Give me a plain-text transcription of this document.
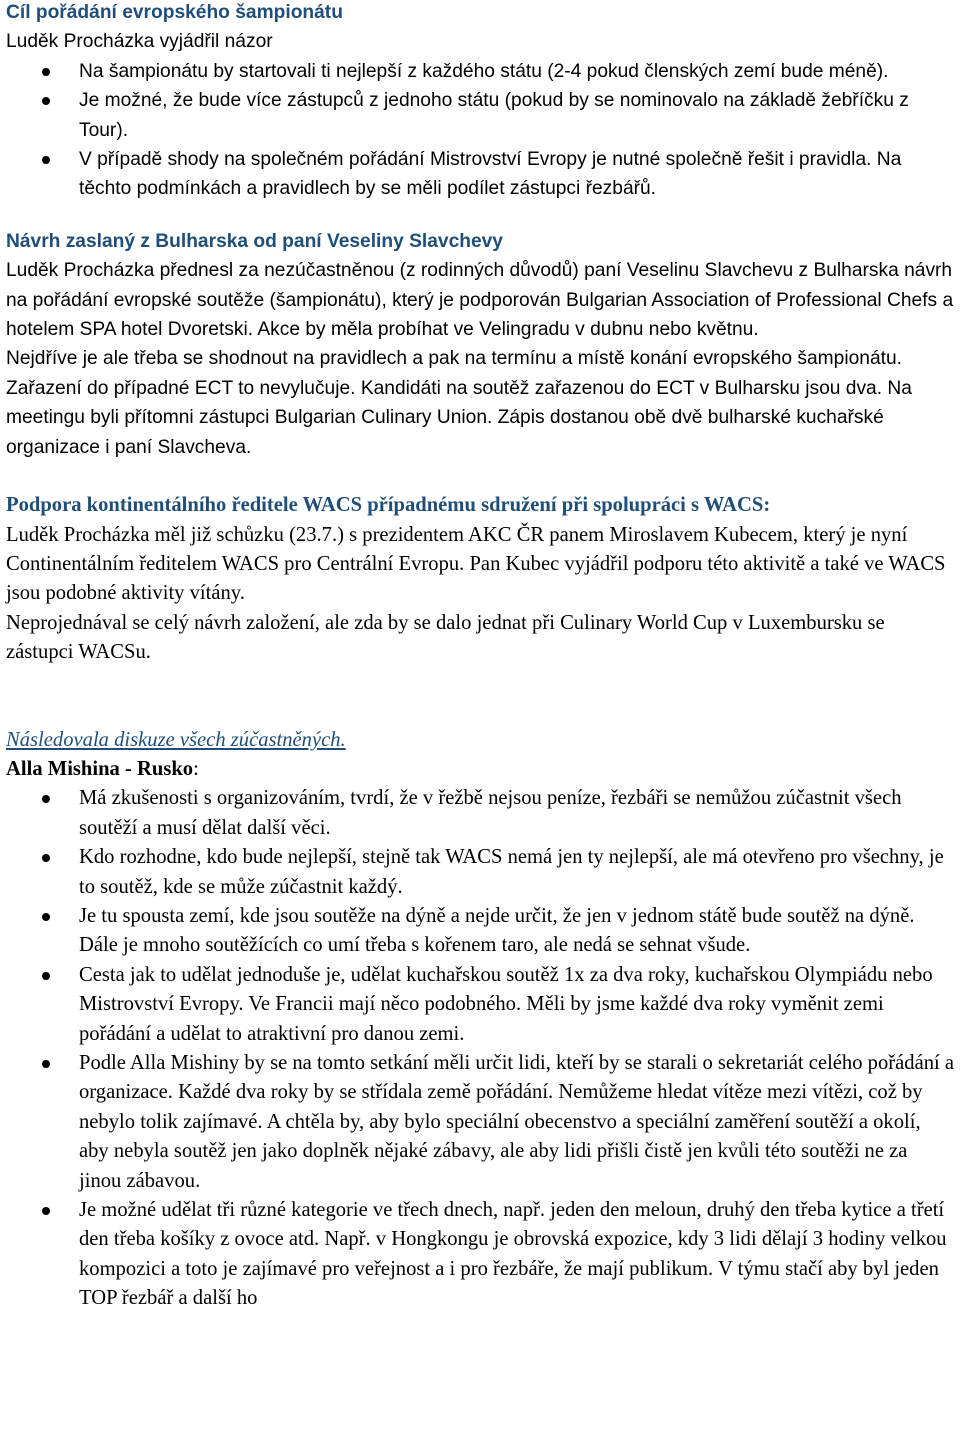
Cíl pořádání evropského šampionátu

Luděk Procházka vyjádřil názor

Na šampionátu by startovali ti nejlepší z každého státu (2-4 pokud členských zemí bude méně).
Je možné, že bude více zástupců z jednoho státu (pokud by se nominovalo na základě žebříčku z Tour).
V případě shody na společném pořádání Mistrovství Evropy je nutné společně řešit i pravidla. Na těchto podmínkách a pravidlech by se měli podílet zástupci řezbářů.
Návrh zaslaný z Bulharska od paní Veseliny Slavchevy

Luděk Procházka přednesl za nezúčastněnou (z rodinných důvodů) paní Veselinu Slavchevu z Bulharska návrh na pořádání evropské soutěže (šampionátu), který je podporován Bulgarian Association of Professional Chefs a hotelem SPA hotel Dvoretski. Akce by měla probíhat ve Velingradu v dubnu nebo květnu.

Nejdříve je ale třeba se shodnout na pravidlech a pak na termínu a místě konání evropského šampionátu. Zařazení do případné ECT to nevylučuje. Kandidáti na soutěž zařazenou do ECT v Bulharsku jsou dva. Na meetingu byli přítomni zástupci Bulgarian Culinary Union. Zápis dostanou obě dvě bulharské kuchařské organizace i paní Slavcheva.

Podpora kontinentálního ředitele WACS případnému sdružení při spolupráci s WACS:

Luděk Procházka měl již schůzku (23.7.) s prezidentem AKC ČR panem Miroslavem Kubecem, který je nyní Continentálním ředitelem WACS pro Centrální Evropu. Pan Kubec vyjádřil podporu této aktivitě a také ve WACS jsou podobné aktivity vítány.

Neprojednával se celý návrh založení, ale zda by se dalo jednat při Culinary World Cup v Luxembursku se zástupci WACSu.

Následovala diskuze všech zúčastněných.

Alla Mishina - Rusko:

Má zkušenosti s organizováním, tvrdí, že v řežbě nejsou peníze, řezbáři se nemůžou zúčastnit všech soutěží a musí dělat další věci.
Kdo rozhodne, kdo bude nejlepší, stejně tak WACS nemá jen ty nejlepší, ale má otevřeno pro všechny, je to soutěž, kde se může zúčastnit každý.
Je tu spousta zemí, kde jsou soutěže na dýně a nejde určit, že jen v jednom státě bude soutěž na dýně. Dále je mnoho soutěžících co umí třeba s kořenem taro, ale nedá se sehnat všude.
Cesta jak to udělat jednoduše je, udělat kuchařskou soutěž 1x za dva roky, kuchařskou Olympiádu nebo Mistrovství Evropy. Ve Francii mají něco podobného. Měli by jsme každé dva roky vyměnit zemi pořádání a udělat to atraktivní pro danou zemi.
Podle Alla Mishiny by se na tomto setkání měli určit lidi, kteří by se starali o sekretariát celého pořádání a organizace. Každé dva roky by se střídala země pořádání. Nemůžeme hledat vítěze mezi vítězi, což by nebylo tolik zajímavé. A chtěla by, aby bylo speciální obecenstvo a speciální zaměření soutěží a okolí, aby nebyla soutěž jen jako doplněk nějaké zábavy, ale aby lidi přišli čistě jen kvůli této soutěži ne za jinou zábavou.
Je možné udělat tři různé kategorie ve třech dnech, např. jeden den meloun, druhý den třeba kytice a třetí den třeba košíky z ovoce atd. Např. v Hongkongu je obrovská expozice, kdy 3 lidi dělají 3 hodiny velkou kompozici a toto je zajímavé pro veřejnost a i pro řezbáře, že mají publikum. V týmu stačí aby byl jeden TOP řezbář a další ho
